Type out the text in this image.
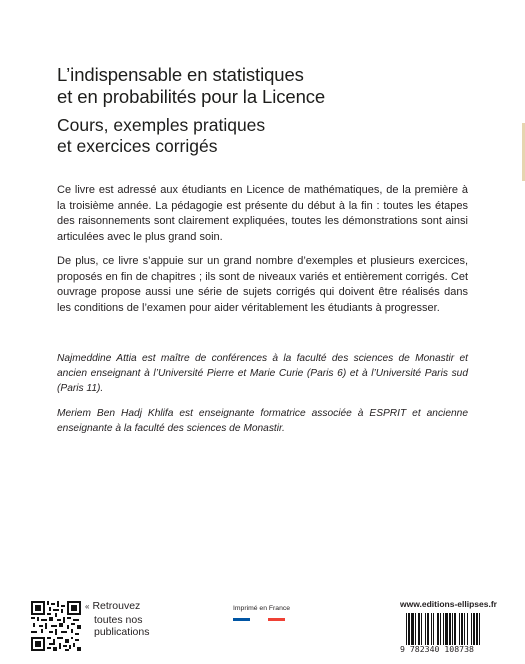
L’indispensable en statistiques
et en probabilités pour la Licence
Cours, exemples pratiques
et exercices corrigés

Ce livre est adressé aux étudiants en Licence de mathématiques, de la première à la troisième année. La pédagogie est présente du début à la fin : toutes les étapes des raisonnements sont clairement expliquées, toutes les démonstrations sont ainsi articulées avec le plus grand soin.

De plus, ce livre s’appuie sur un grand nombre d’exemples et plusieurs exercices, proposés en fin de chapitres ; ils sont de niveaux variés et entièrement corrigés. Cet ouvrage propose aussi une série de sujets corrigés qui doivent être réalisés dans les conditions de l’examen pour aider véritablement les étudiants à progresser.

Najmeddine Attia est maître de conférences à la faculté des sciences de Monastir et ancien enseignant à l’Université Pierre et Marie Curie (Paris 6) et à l’Université Paris sud (Paris 11).

Meriem Ben Hadj Khlifa est enseignante formatrice associée à ESPRIT et ancienne enseignante à la faculté des sciences de Monastir.

« Retrouvez
toutes nos
publications
Imprimé en France	www.editions-ellipses.fr
9 782340 108738
